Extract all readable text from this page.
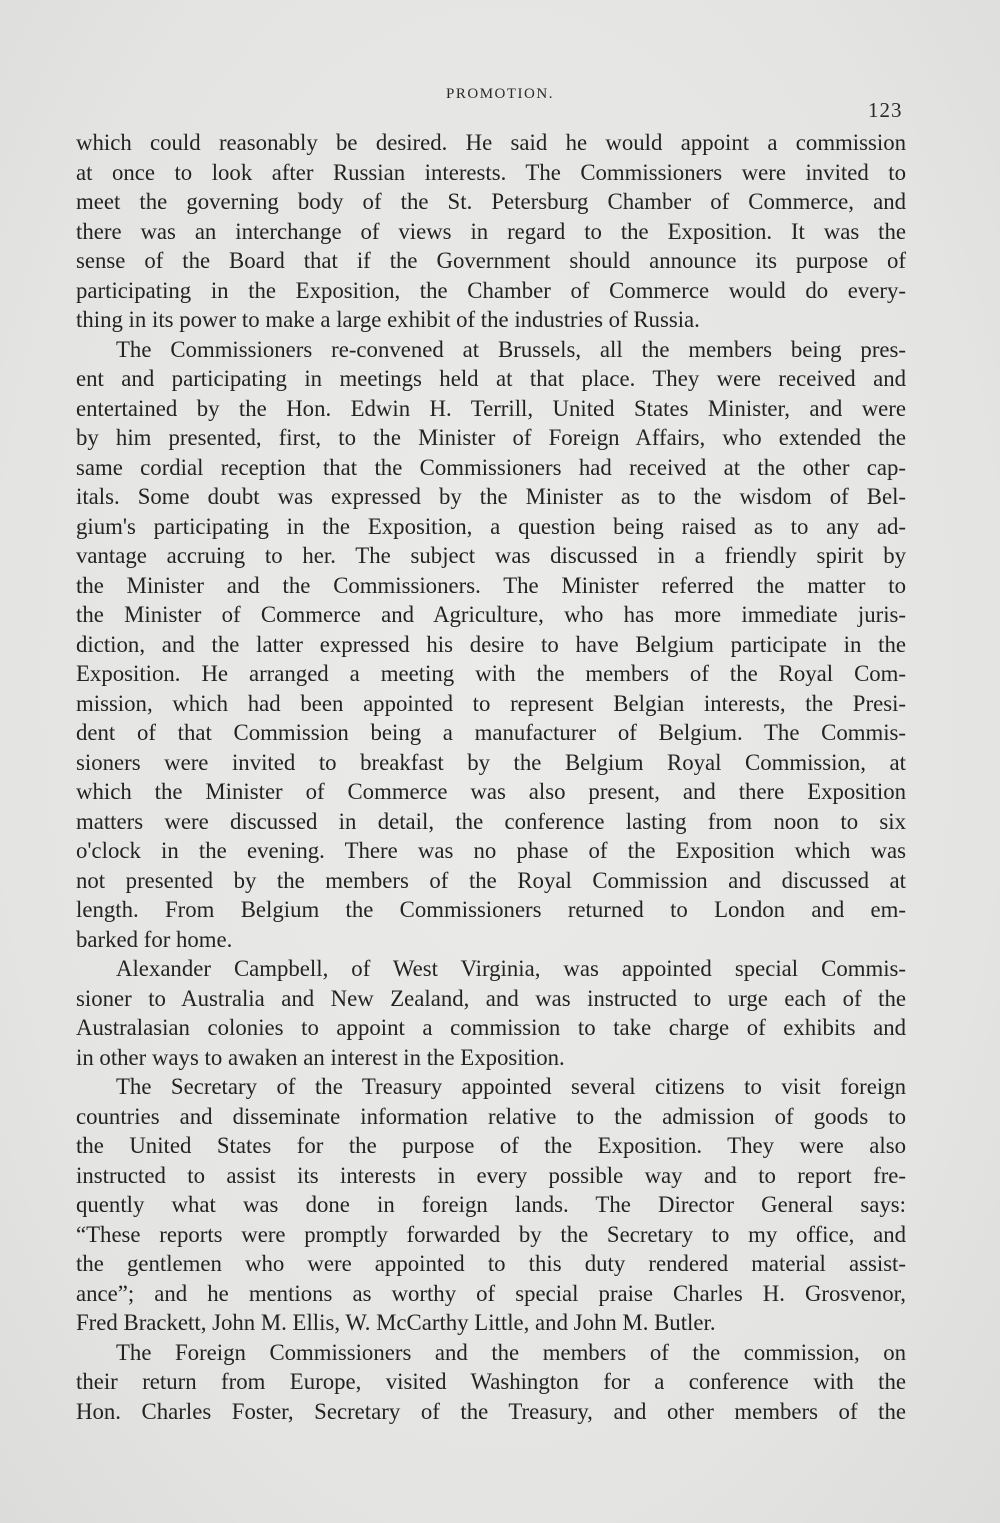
PROMOTION.
123
which could reasonably be desired. He said he would appoint a commission
at once to look after Russian interests. The Commissioners were invited to
meet the governing body of the St. Petersburg Chamber of Commerce, and
there was an interchange of views in regard to the Exposition. It was the
sense of the Board that if the Government should announce its purpose of
participating in the Exposition, the Chamber of Commerce would do every-
thing in its power to make a large exhibit of the industries of Russia.
The Commissioners re-convened at Brussels, all the members being pres-
ent and participating in meetings held at that place. They were received and
entertained by the Hon. Edwin H. Terrill, United States Minister, and were
by him presented, first, to the Minister of Foreign Affairs, who extended the
same cordial reception that the Commissioners had received at the other cap-
itals. Some doubt was expressed by the Minister as to the wisdom of Bel-
gium's participating in the Exposition, a question being raised as to any ad-
vantage accruing to her. The subject was discussed in a friendly spirit by
the Minister and the Commissioners. The Minister referred the matter to
the Minister of Commerce and Agriculture, who has more immediate juris-
diction, and the latter expressed his desire to have Belgium participate in the
Exposition. He arranged a meeting with the members of the Royal Com-
mission, which had been appointed to represent Belgian interests, the Presi-
dent of that Commission being a manufacturer of Belgium. The Commis-
sioners were invited to breakfast by the Belgium Royal Commission, at
which the Minister of Commerce was also present, and there Exposition
matters were discussed in detail, the conference lasting from noon to six
o'clock in the evening. There was no phase of the Exposition which was
not presented by the members of the Royal Commission and discussed at
length. From Belgium the Commissioners returned to London and em-
barked for home.
Alexander Campbell, of West Virginia, was appointed special Commis-
sioner to Australia and New Zealand, and was instructed to urge each of the
Australasian colonies to appoint a commission to take charge of exhibits and
in other ways to awaken an interest in the Exposition.
The Secretary of the Treasury appointed several citizens to visit foreign
countries and disseminate information relative to the admission of goods to
the United States for the purpose of the Exposition. They were also
instructed to assist its interests in every possible way and to report fre-
quently what was done in foreign lands. The Director General says:
“These reports were promptly forwarded by the Secretary to my office, and
the gentlemen who were appointed to this duty rendered material assist-
ance”; and he mentions as worthy of special praise Charles H. Grosvenor,
Fred Brackett, John M. Ellis, W. McCarthy Little, and John M. Butler.
The Foreign Commissioners and the members of the commission, on
their return from Europe, visited Washington for a conference with the
Hon. Charles Foster, Secretary of the Treasury, and other members of the
